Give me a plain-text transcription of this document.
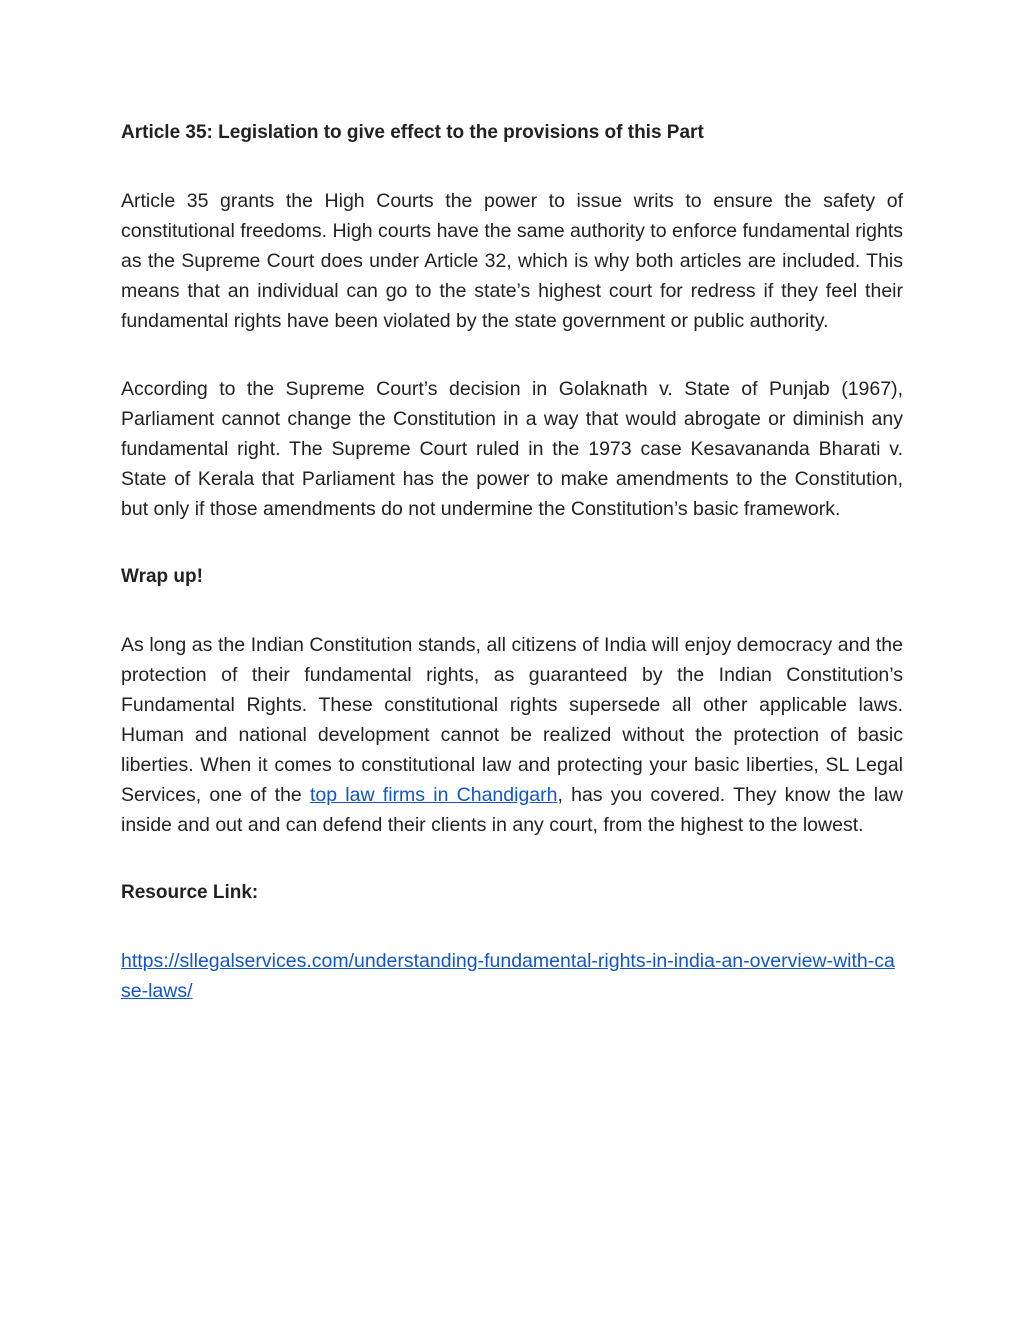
Article 35: Legislation to give effect to the provisions of this Part
Article 35 grants the High Courts the power to issue writs to ensure the safety of constitutional freedoms. High courts have the same authority to enforce fundamental rights as the Supreme Court does under Article 32, which is why both articles are included. This means that an individual can go to the state’s highest court for redress if they feel their fundamental rights have been violated by the state government or public authority.
According to the Supreme Court’s decision in Golaknath v. State of Punjab (1967), Parliament cannot change the Constitution in a way that would abrogate or diminish any fundamental right. The Supreme Court ruled in the 1973 case Kesavananda Bharati v. State of Kerala that Parliament has the power to make amendments to the Constitution, but only if those amendments do not undermine the Constitution’s basic framework.
Wrap up!
As long as the Indian Constitution stands, all citizens of India will enjoy democracy and the protection of their fundamental rights, as guaranteed by the Indian Constitution’s Fundamental Rights. These constitutional rights supersede all other applicable laws. Human and national development cannot be realized without the protection of basic liberties. When it comes to constitutional law and protecting your basic liberties, SL Legal Services, one of the top law firms in Chandigarh, has you covered. They know the law inside and out and can defend their clients in any court, from the highest to the lowest.
Resource Link:
https://sllegalservices.com/understanding-fundamental-rights-in-india-an-overview-with-case-laws/
